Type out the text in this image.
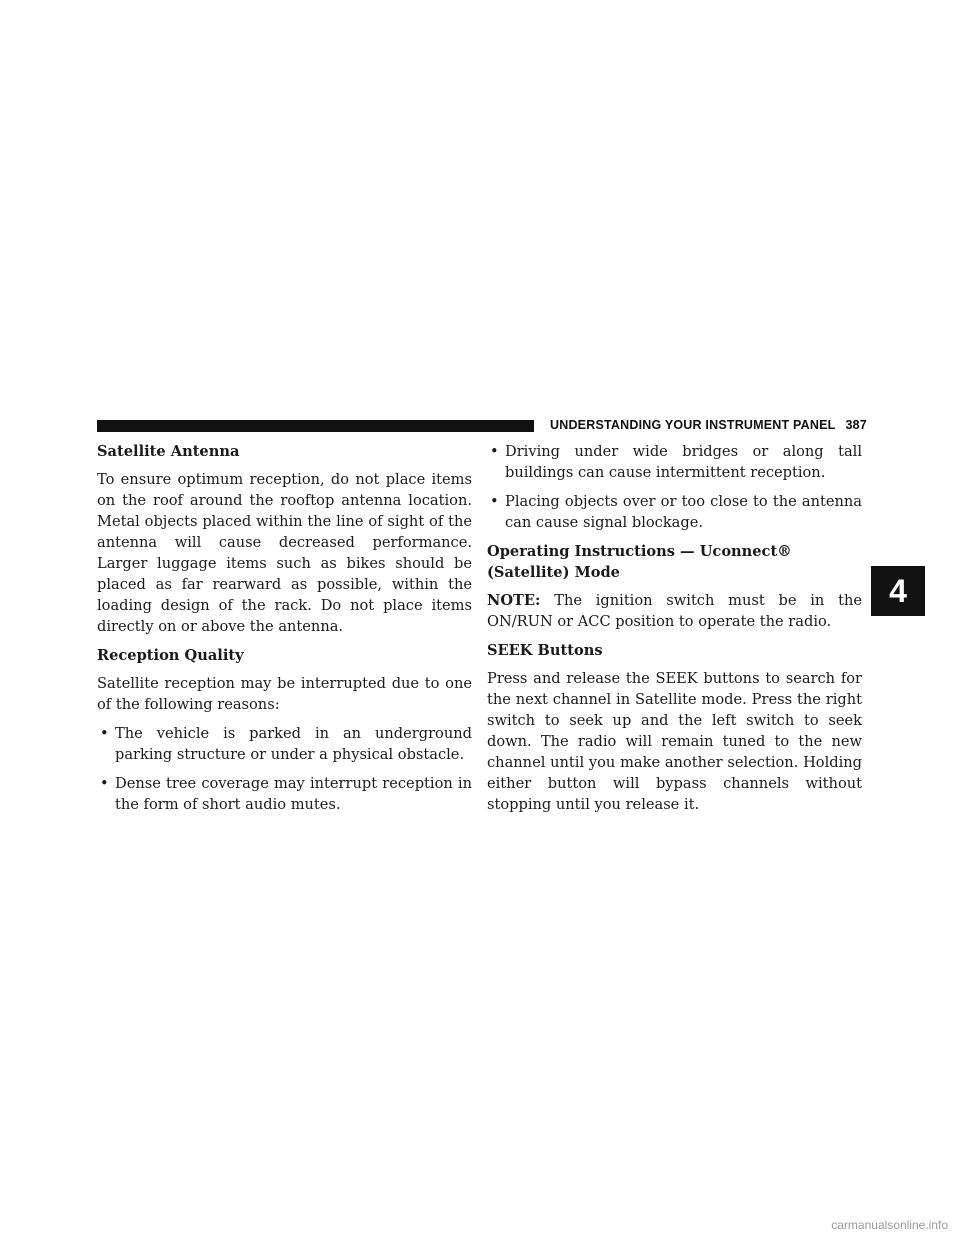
UNDERSTANDING YOUR INSTRUMENT PANEL 387
Satellite Antenna

To ensure optimum reception, do not place items on the roof around the rooftop antenna location. Metal objects placed within the line of sight of the antenna will cause decreased performance. Larger luggage items such as bikes should be placed as far rearward as possible, within the loading design of the rack. Do not place items directly on or above the antenna.

Reception Quality

Satellite reception may be interrupted due to one of the following reasons:

• The vehicle is parked in an underground parking structure or under a physical obstacle.
• Dense tree coverage may interrupt reception in the form of short audio mutes.
• Driving under wide bridges or along tall buildings can cause intermittent reception.
• Placing objects over or too close to the antenna can cause signal blockage.
Operating Instructions — Uconnect® (Satellite) Mode

NOTE: The ignition switch must be in the ON/RUN or ACC position to operate the radio.

SEEK Buttons

Press and release the SEEK buttons to search for the next channel in Satellite mode. Press the right switch to seek up and the left switch to seek down. The radio will remain tuned to the new channel until you make another selection. Holding either button will bypass channels without stopping until you release it.

4
carmanualsonline.info
